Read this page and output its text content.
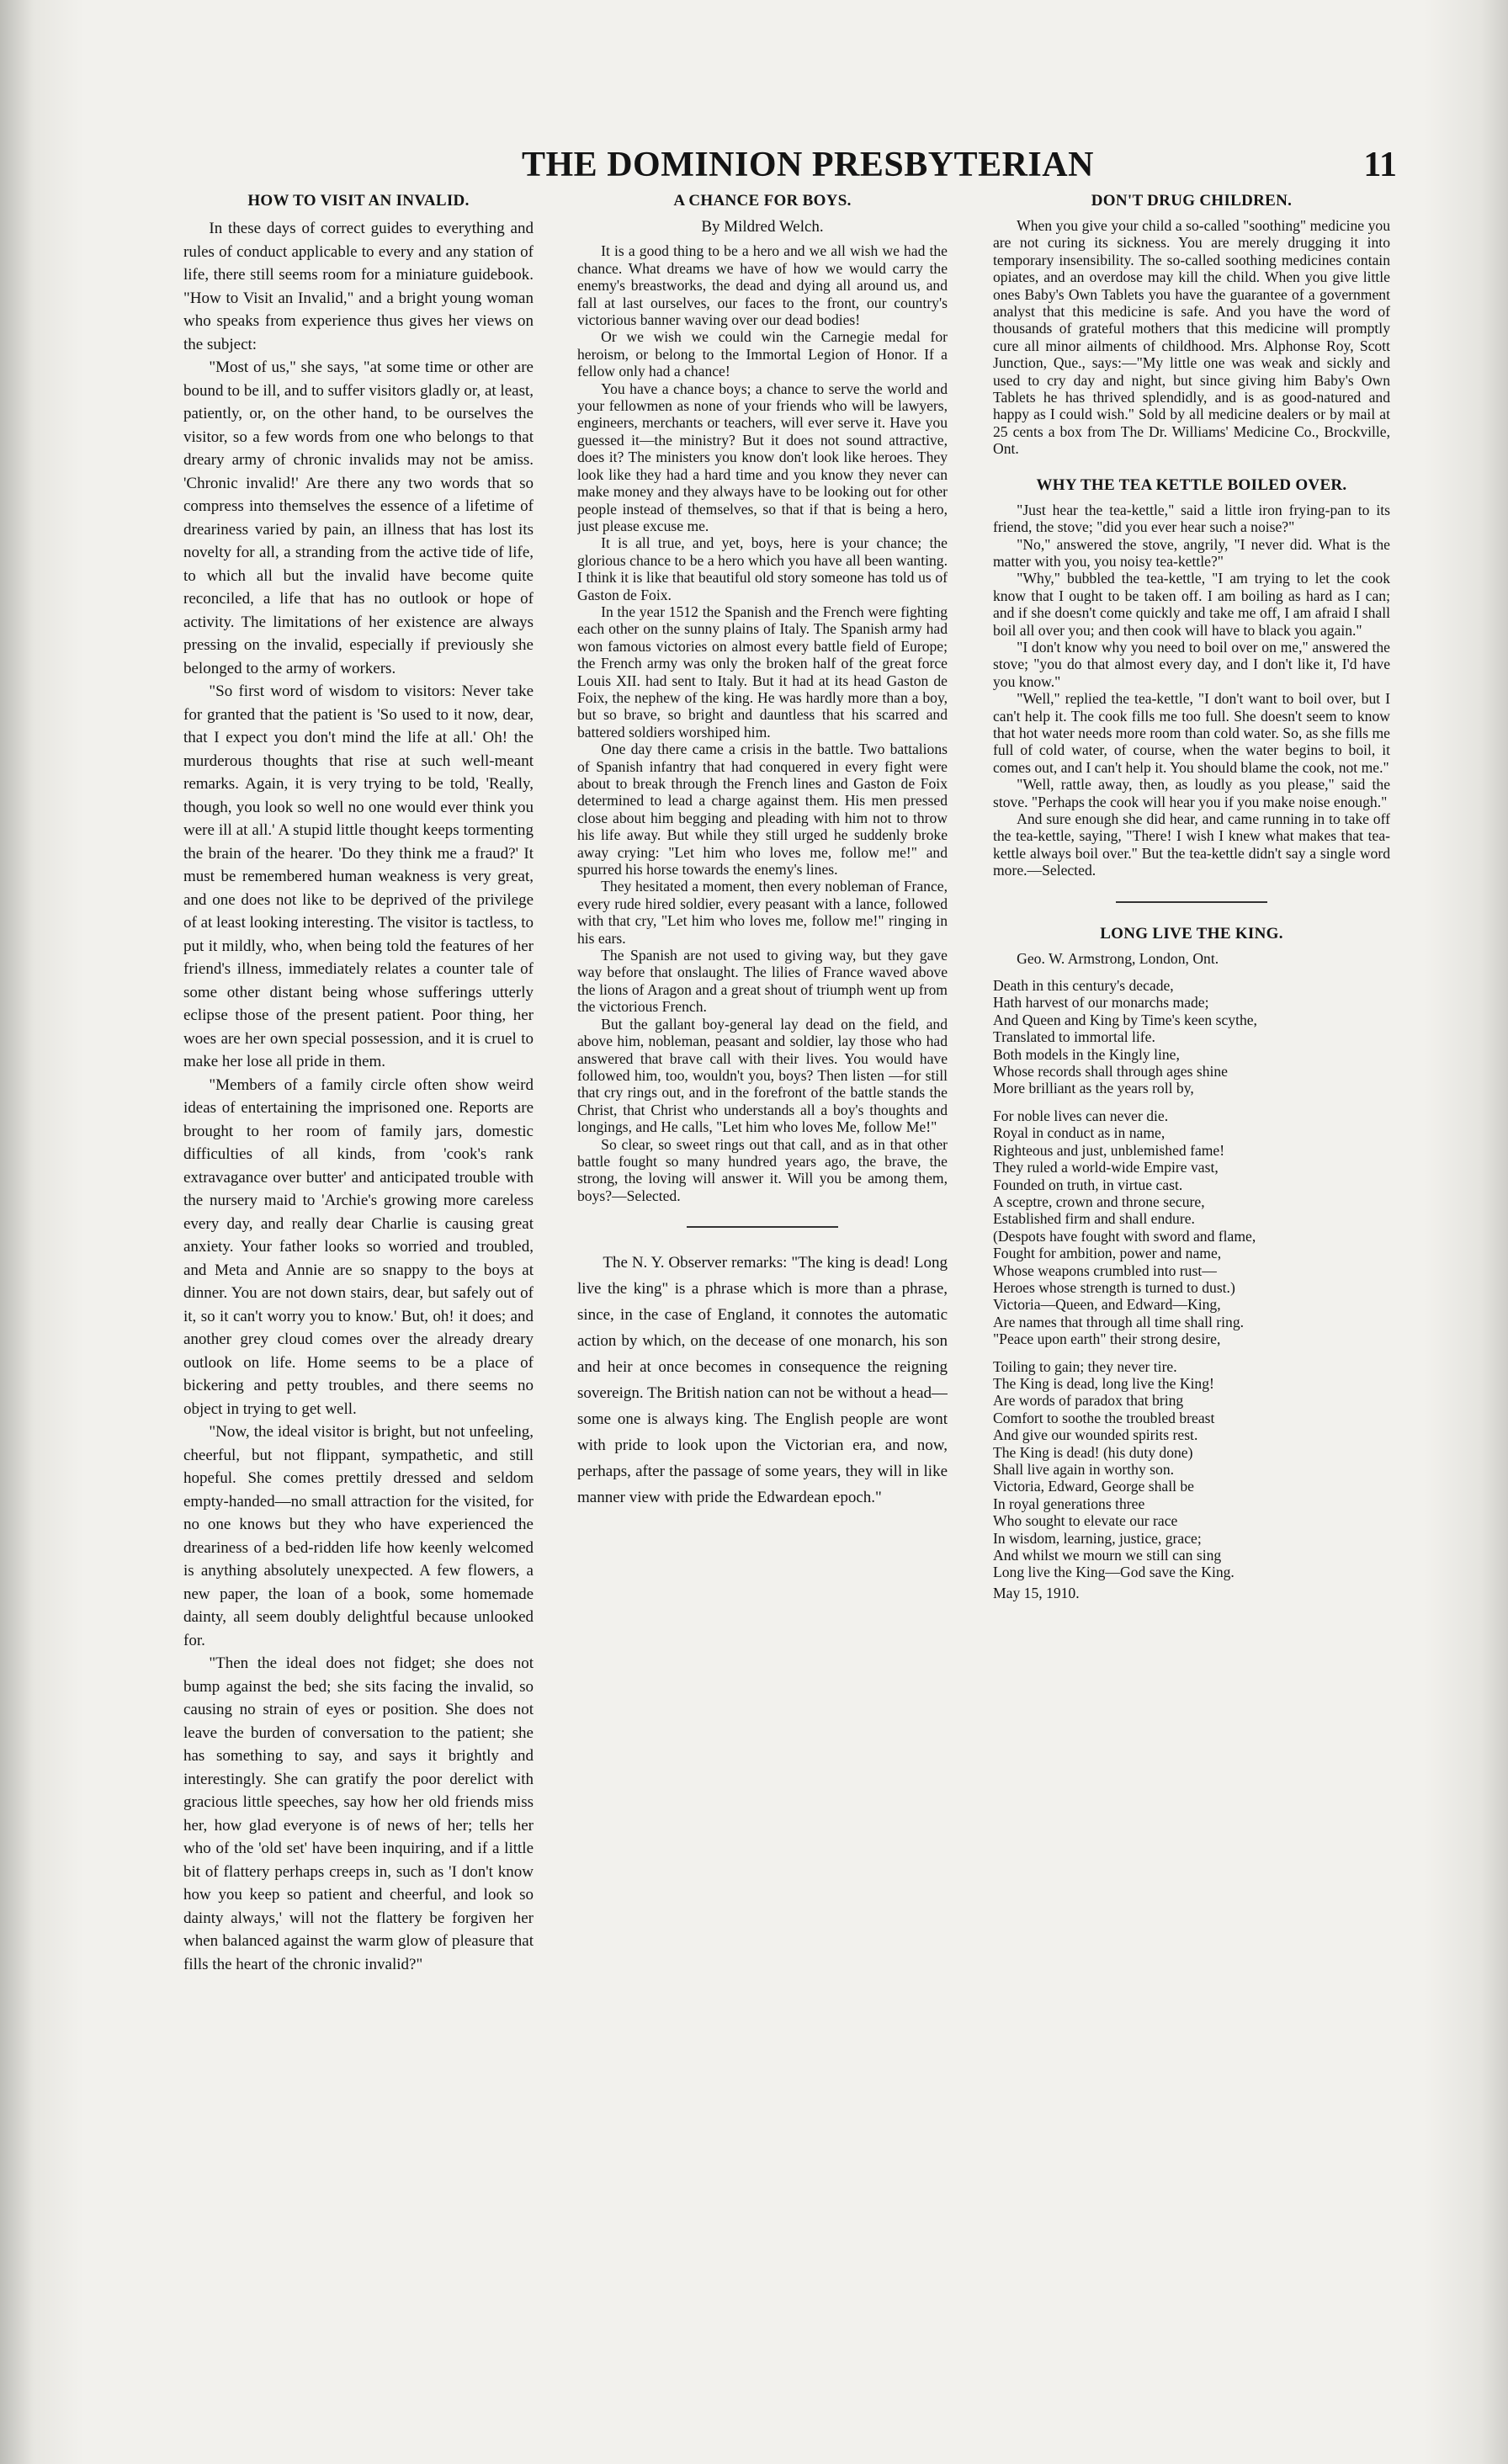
THE DOMINION PRESBYTERIAN	11
HOW TO VISIT AN INVALID.

In these days of correct guides to everything and rules of conduct applicable to every and any station of life, there still seems room for a miniature guidebook. "How to Visit an Invalid," and a bright young woman who speaks from experience thus gives her views on the subject:

"Most of us," she says, "at some time or other are bound to be ill, and to suffer visitors gladly or, at least, patiently, or, on the other hand, to be ourselves the visitor, so a few words from one who belongs to that dreary army of chronic invalids may not be amiss. 'Chronic invalid!' Are there any two words that so compress into themselves the essence of a lifetime of dreariness varied by pain, an illness that has lost its novelty for all, a stranding from the active tide of life, to which all but the invalid have become quite reconciled, a life that has no outlook or hope of activity. The limitations of her existence are always pressing on the invalid, especially if previously she belonged to the army of workers.

"So first word of wisdom to visitors: Never take for granted that the patient is 'So used to it now, dear, that I expect you don't mind the life at all.' Oh! the murderous thoughts that rise at such well-meant remarks. Again, it is very trying to be told, 'Really, though, you look so well no one would ever think you were ill at all.' A stupid little thought keeps tormenting the brain of the hearer. 'Do they think me a fraud?' It must be remembered human weakness is very great, and one does not like to be deprived of the privilege of at least looking interesting. The visitor is tactless, to put it mildly, who, when being told the features of her friend's illness, immediately relates a counter tale of some other distant being whose sufferings utterly eclipse those of the present patient. Poor thing, her woes are her own special possession, and it is cruel to make her lose all pride in them.

"Members of a family circle often show weird ideas of entertaining the imprisoned one. Reports are brought to her room of family jars, domestic difficulties of all kinds, from 'cook's rank extravagance over butter' and anticipated trouble with the nursery maid to 'Archie's growing more careless every day, and really dear Charlie is causing great anxiety. Your father looks so worried and troubled, and Meta and Annie are so snappy to the boys at dinner. You are not down stairs, dear, but safely out of it, so it can't worry you to know.' But, oh! it does; and another grey cloud comes over the already dreary outlook on life. Home seems to be a place of bickering and petty troubles, and there seems no object in trying to get well.

"Now, the ideal visitor is bright, but not unfeeling, cheerful, but not flippant, sympathetic, and still hopeful. She comes prettily dressed and seldom empty-handed—no small attraction for the visited, for no one knows but they who have experienced the dreariness of a bed-ridden life how keenly welcomed is anything absolutely unexpected. A few flowers, a new paper, the loan of a book, some homemade dainty, all seem doubly delightful because unlooked for.

"Then the ideal does not fidget; she does not bump against the bed; she sits facing the invalid, so causing no strain of eyes or position. She does not leave the burden of conversation to the patient; she has something to say, and says it brightly and interestingly. She can gratify the poor derelict with gracious little speeches, say how her old friends miss her, how glad everyone is of news of her; tells her who of the 'old set' have been inquiring, and if a little bit of flattery perhaps creeps in, such as 'I don't know how you keep so patient and cheerful, and look so dainty always,' will not the flattery be forgiven her when balanced against the warm glow of pleasure that fills the heart of the chronic invalid?"

A CHANCE FOR BOYS.
By Mildred Welch.

It is a good thing to be a hero and we all wish we had the chance. What dreams we have of how we would carry the enemy's breastworks, the dead and dying all around us, and fall at last ourselves, our faces to the front, our country's victorious banner waving over our dead bodies!

Or we wish we could win the Carnegie medal for heroism, or belong to the Immortal Legion of Honor. If a fellow only had a chance!

You have a chance boys; a chance to serve the world and your fellowmen as none of your friends who will be lawyers, engineers, merchants or teachers, will ever serve it. Have you guessed it—the ministry? But it does not sound attractive, does it? The ministers you know don't look like heroes. They look like they had a hard time and you know they never can make money and they always have to be looking out for other people instead of themselves, so that if that is being a hero, just please excuse me.

It is all true, and yet, boys, here is your chance; the glorious chance to be a hero which you have all been wanting. I think it is like that beautiful old story someone has told us of Gaston de Foix.

In the year 1512 the Spanish and the French were fighting each other on the sunny plains of Italy. The Spanish army had won famous victories on almost every battle field of Europe; the French army was only the broken half of the great force Louis XII. had sent to Italy. But it had at its head Gaston de Foix, the nephew of the king. He was hardly more than a boy, but so brave, so bright and dauntless that his scarred and battered soldiers worshiped him.

One day there came a crisis in the battle. Two battalions of Spanish infantry that had conquered in every fight were about to break through the French lines and Gaston de Foix determined to lead a charge against them. His men pressed close about him begging and pleading with him not to throw his life away. But while they still urged he suddenly broke away crying: "Let him who loves me, follow me!" and spurred his horse towards the enemy's lines.

They hesitated a moment, then every nobleman of France, every rude hired soldier, every peasant with a lance, followed with that cry, "Let him who loves me, follow me!" ringing in his ears.

The Spanish are not used to giving way, but they gave way before that onslaught. The lilies of France waved above the lions of Aragon and a great shout of triumph went up from the victorious French.

But the gallant boy-general lay dead on the field, and above him, nobleman, peasant and soldier, lay those who had answered that brave call with their lives. You would have followed him, too, wouldn't you, boys? Then listen —for still that cry rings out, and in the forefront of the battle stands the Christ, that Christ who understands all a boy's thoughts and longings, and He calls, "Let him who loves Me, follow Me!"

So clear, so sweet rings out that call, and as in that other battle fought so many hundred years ago, the brave, the strong, the loving will answer it. Will you be among them, boys?—Selected.

The N. Y. Observer remarks: "The king is dead! Long live the king" is a phrase which is more than a phrase, since, in the case of England, it connotes the automatic action by which, on the decease of one monarch, his son and heir at once becomes in consequence the reigning sovereign. The British nation can not be without a head—some one is always king. The English people are wont with pride to look upon the Victorian era, and now, perhaps, after the passage of some years, they will in like manner view with pride the Edwardean epoch."

DON'T DRUG CHILDREN.

When you give your child a so-called "soothing" medicine you are not curing its sickness. You are merely drugging it into temporary insensibility. The so-called soothing medicines contain opiates, and an overdose may kill the child. When you give little ones Baby's Own Tablets you have the guarantee of a government analyst that this medicine is safe. And you have the word of thousands of grateful mothers that this medicine will promptly cure all minor ailments of childhood. Mrs. Alphonse Roy, Scott Junction, Que., says:—"My little one was weak and sickly and used to cry day and night, but since giving him Baby's Own Tablets he has thrived splendidly, and is as good-natured and happy as I could wish." Sold by all medicine dealers or by mail at 25 cents a box from The Dr. Williams' Medicine Co., Brockville, Ont.

WHY THE TEA KETTLE BOILED OVER.

"Just hear the tea-kettle," said a little iron frying-pan to its friend, the stove; "did you ever hear such a noise?"

"No," answered the stove, angrily, "I never did. What is the matter with you, you noisy tea-kettle?"

"Why," bubbled the tea-kettle, "I am trying to let the cook know that I ought to be taken off. I am boiling as hard as I can; and if she doesn't come quickly and take me off, I am afraid I shall boil all over you; and then cook will have to black you again."

"I don't know why you need to boil over on me," answered the stove; "you do that almost every day, and I don't like it, I'd have you know."

"Well," replied the tea-kettle, "I don't want to boil over, but I can't help it. The cook fills me too full. She doesn't seem to know that hot water needs more room than cold water. So, as she fills me full of cold water, of course, when the water begins to boil, it comes out, and I can't help it. You should blame the cook, not me."

"Well, rattle away, then, as loudly as you please," said the stove. "Perhaps the cook will hear you if you make noise enough."

And sure enough she did hear, and came running in to take off the tea-kettle, saying, "There! I wish I knew what makes that tea-kettle always boil over." But the tea-kettle didn't say a single word more.—Selected.

LONG LIVE THE KING.

Geo. W. Armstrong, London, Ont.

Death in this century's decade,

Hath harvest of our monarchs made;

And Queen and King by Time's keen scythe,

Translated to immortal life.

Both models in the Kingly line,

Whose records shall through ages shine

More brilliant as the years roll by,

For noble lives can never die.

Royal in conduct as in name,

Righteous and just, unblemished fame!

They ruled a world-wide Empire vast,

Founded on truth, in virtue cast.

A sceptre, crown and throne secure,

Established firm and shall endure.

(Despots have fought with sword and flame,

Fought for ambition, power and name,

Whose weapons crumbled into rust—

Heroes whose strength is turned to dust.)

Victoria—Queen, and Edward—King,

Are names that through all time shall ring.

"Peace upon earth" their strong desire,

Toiling to gain; they never tire.

The King is dead, long live the King!

Are words of paradox that bring

Comfort to soothe the troubled breast

And give our wounded spirits rest.

The King is dead! (his duty done)

Shall live again in worthy son.

Victoria, Edward, George shall be

In royal generations three

Who sought to elevate our race

In wisdom, learning, justice, grace;

And whilst we mourn we still can sing

Long live the King—God save the King.

May 15, 1910.
